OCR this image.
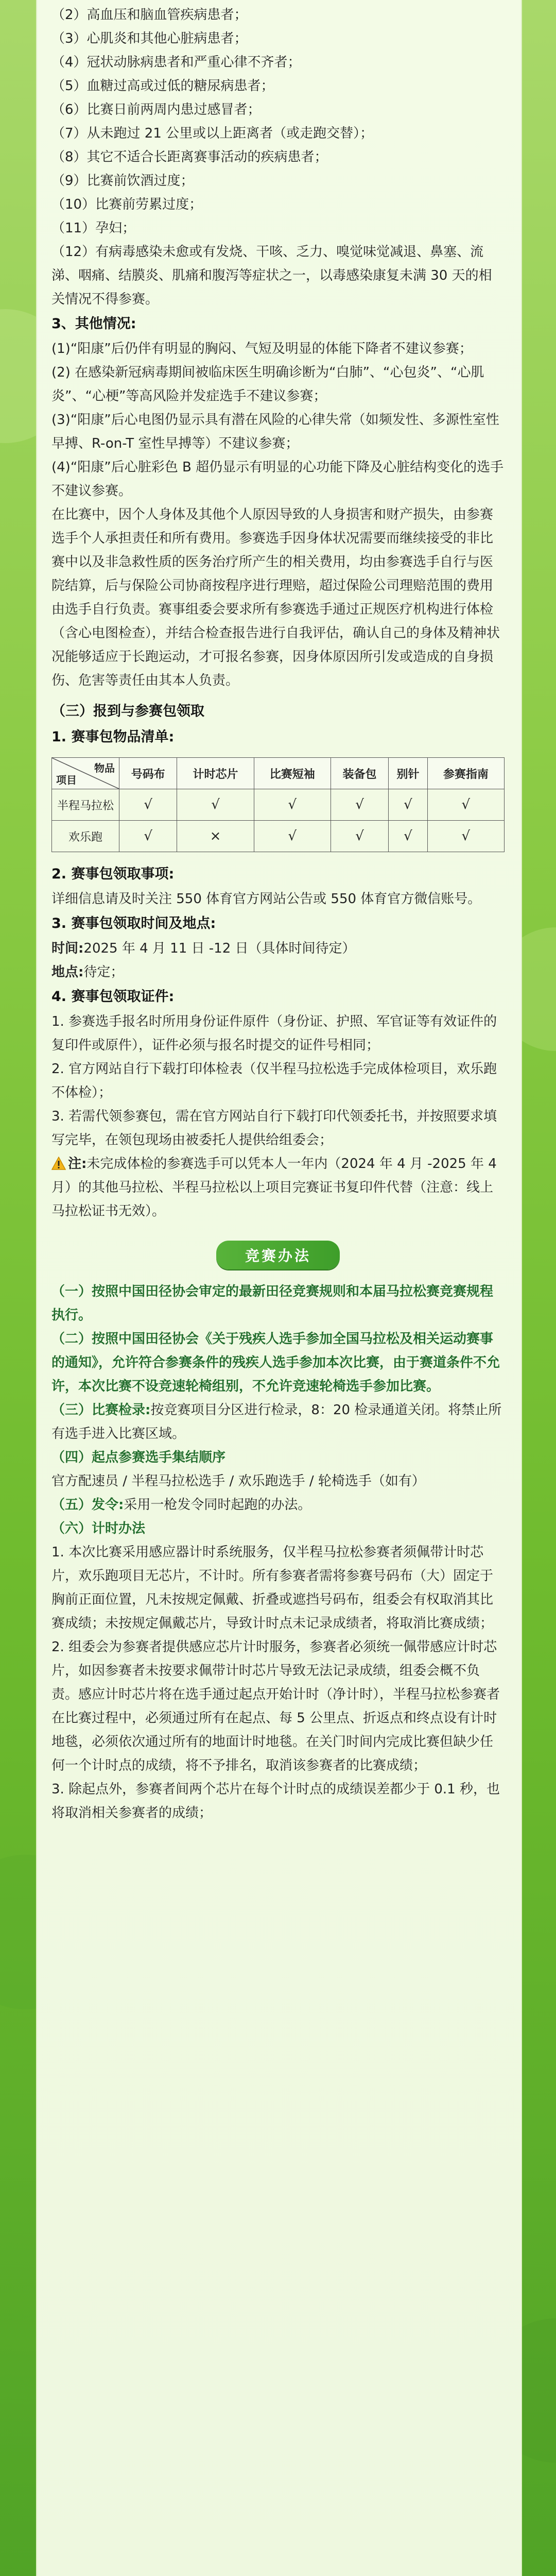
（2）高血压和脑血管疾病患者；

（3）心肌炎和其他心脏病患者；

（4）冠状动脉病患者和严重心律不齐者；

（5）血糖过高或过低的糖尿病患者；

（6）比赛日前两周内患过感冒者；

（7）从未跑过 21 公里或以上距离者（或走跑交替）；

（8）其它不适合长距离赛事活动的疾病患者；

（9）比赛前饮酒过度；

（10）比赛前劳累过度；

（11）孕妇；

（12）有病毒感染未愈或有发烧、干咳、乏力、嗅觉味觉减退、鼻塞、流涕、咽痛、结膜炎、肌痛和腹泻等症状之一，以毒感染康复未满 30 天的相关情况不得参赛。

3、其他情况:

(1)“阳康”后仍伴有明显的胸闷、气短及明显的体能下降者不建议参赛；

(2) 在感染新冠病毒期间被临床医生明确诊断为“白肺”、“心包炎”、“心肌炎”、“心梗”等高风险并发症选手不建议参赛；

(3)“阳康”后心电图仍显示具有潜在风险的心律失常（如频发性、多源性室性早搏、R-on-T 室性早搏等）不建议参赛；

(4)“阳康”后心脏彩色 B 超仍显示有明显的心功能下降及心脏结构变化的选手不建议参赛。

在比赛中，因个人身体及其他个人原因导致的人身损害和财产损失，由参赛选手个人承担责任和所有费用。参赛选手因身体状况需要而继续接受的非比赛中以及非急救性质的医务治疗所产生的相关费用，均由参赛选手自行与医院结算，后与保险公司协商按程序进行理赔，超过保险公司理赔范围的费用由选手自行负责。赛事组委会要求所有参赛选手通过正规医疗机构进行体检（含心电图检查），并结合检查报告进行自我评估，确认自己的身体及精神状况能够适应于长跑运动，才可报名参赛，因身体原因所引发或造成的自身损伤、危害等责任由其本人负责。

（三）报到与参赛包领取

1. 赛事包物品清单:

物品
项目	号码布	计时芯片	比赛短袖	装备包	别针	参赛指南
半程马拉松	√	√	√	√	√	√
欢乐跑	√	×	√	√	√	√

2. 赛事包领取事项:

详细信息请及时关注 550 体育官方网站公告或 550 体育官方微信账号。

3. 赛事包领取时间及地点:

时间:2025 年 4 月 11 日 -12 日（具体时间待定）

地点:待定；

4. 赛事包领取证件:

1. 参赛选手报名时所用身份证件原件（身份证、护照、军官证等有效证件的复印件或原件），证件必须与报名时提交的证件号相同；

2. 官方网站自行下载打印体检表（仅半程马拉松选手完成体检项目，欢乐跑不体检）；

3. 若需代领参赛包，需在官方网站自行下载打印代领委托书，并按照要求填写完毕，在领包现场由被委托人提供给组委会；

注:未完成体检的参赛选手可以凭本人一年内（2024 年 4 月 -2025 年 4 月）的其他马拉松、半程马拉松以上项目完赛证书复印件代替（注意：线上马拉松证书无效）。

竞赛办法

（一）按照中国田径协会审定的最新田径竞赛规则和本届马拉松赛竞赛规程执行。

（二）按照中国田径协会《关于残疾人选手参加全国马拉松及相关运动赛事的通知》，允许符合参赛条件的残疾人选手参加本次比赛，由于赛道条件不允许，本次比赛不设竞速轮椅组别，不允许竞速轮椅选手参加比赛。

（三）比赛检录:按竞赛项目分区进行检录，8：20 检录通道关闭。将禁止所有选手进入比赛区域。

（四）起点参赛选手集结顺序

官方配速员 / 半程马拉松选手 / 欢乐跑选手 / 轮椅选手（如有）

（五）发令:采用一枪发令同时起跑的办法。

（六）计时办法

1. 本次比赛采用感应器计时系统服务，仅半程马拉松参赛者须佩带计时芯片，欢乐跑项目无芯片，不计时。所有参赛者需将参赛号码布（大）固定于胸前正面位置，凡未按规定佩戴、折叠或遮挡号码布，组委会有权取消其比赛成绩；未按规定佩戴芯片，导致计时点未记录成绩者，将取消比赛成绩；

2. 组委会为参赛者提供感应芯片计时服务，参赛者必须统一佩带感应计时芯片，如因参赛者未按要求佩带计时芯片导致无法记录成绩，组委会概不负责。感应计时芯片将在选手通过起点开始计时（净计时），半程马拉松参赛者在比赛过程中，必须通过所有在起点、每 5 公里点、折返点和终点设有计时地毯，必须依次通过所有的地面计时地毯。在关门时间内完成比赛但缺少任何一个计时点的成绩，将不予排名，取消该参赛者的比赛成绩；

3. 除起点外，参赛者间两个芯片在每个计时点的成绩误差都少于 0.1 秒，也将取消相关参赛者的成绩；
